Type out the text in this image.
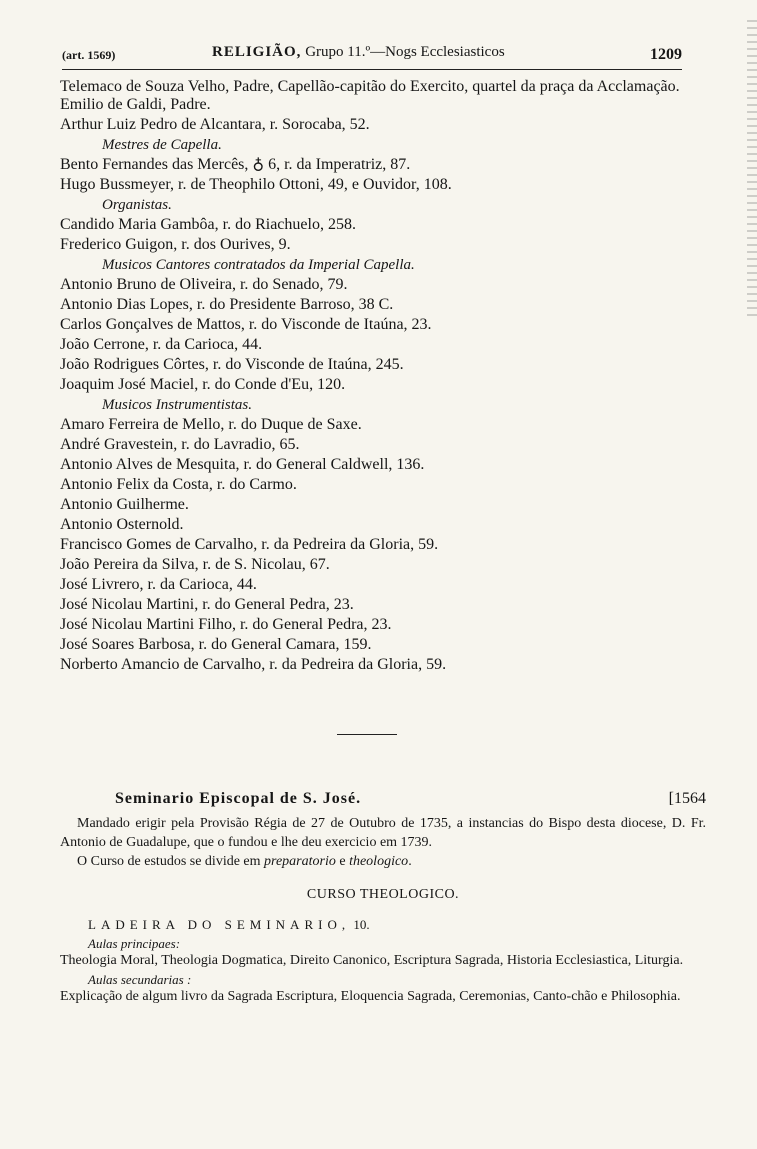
(art. 1569)	RELIGIÃO, Grupo 11.º—Nogs Ecclesiasticos	1209

Telemaco de Souza Velho, Padre, Capellão-capitão do Exercito, quartel da praça da Acclamação.

Emilio de Galdi, Padre.

Arthur Luiz Pedro de Alcantara, r. Sorocaba, 52.

Mestres de Capella.

Bento Fernandes das Mercês, ♁ 6, r. da Imperatriz, 87.

Hugo Bussmeyer, r. de Theophilo Ottoni, 49, e Ouvidor, 108.

Organistas.

Candido Maria Gambôa, r. do Riachuelo, 258.

Frederico Guigon, r. dos Ourives, 9.

Musicos Cantores contratados da Imperial Capella.

Antonio Bruno de Oliveira, r. do Senado, 79.

Antonio Dias Lopes, r. do Presidente Barroso, 38 C.

Carlos Gonçalves de Mattos, r. do Visconde de Itaúna, 23.

João Cerrone, r. da Carioca, 44.

João Rodrigues Côrtes, r. do Visconde de Itaúna, 245.

Joaquim José Maciel, r. do Conde d'Eu, 120.

Musicos Instrumentistas.

Amaro Ferreira de Mello, r. do Duque de Saxe.

André Gravestein, r. do Lavradio, 65.

Antonio Alves de Mesquita, r. do General Caldwell, 136.

Antonio Felix da Costa, r. do Carmo.

Antonio Guilherme.

Antonio Osternold.

Francisco Gomes de Carvalho, r. da Pedreira da Gloria, 59.

João Pereira da Silva, r. de S. Nicolau, 67.

José Livrero, r. da Carioca, 44.

José Nicolau Martini, r. do General Pedra, 23.

José Nicolau Martini Filho, r. do General Pedra, 23.

José Soares Barbosa, r. do General Camara, 159.

Norberto Amancio de Carvalho, r. da Pedreira da Gloria, 59.

Seminario Episcopal de S. José.	[1564

Mandado erigir pela Provisão Régia de 27 de Outubro de 1735, a instancias do Bispo desta diocese, D. Fr. Antonio de Guadalupe, que o fundou e lhe deu exercicio em 1739.

O Curso de estudos se divide em preparatorio e theologico.

CURSO THEOLOGICO.
LADEIRA DO SEMINARIO, 10.
Aulas principaes:

Theologia Moral, Theologia Dogmatica, Direito Canonico, Escriptura Sagrada, Historia Ecclesiastica, Liturgia.

Aulas secundarias :

Explicação de algum livro da Sagrada Escriptura, Eloquencia Sagrada, Ceremonias, Canto-chão e Philosophia.
